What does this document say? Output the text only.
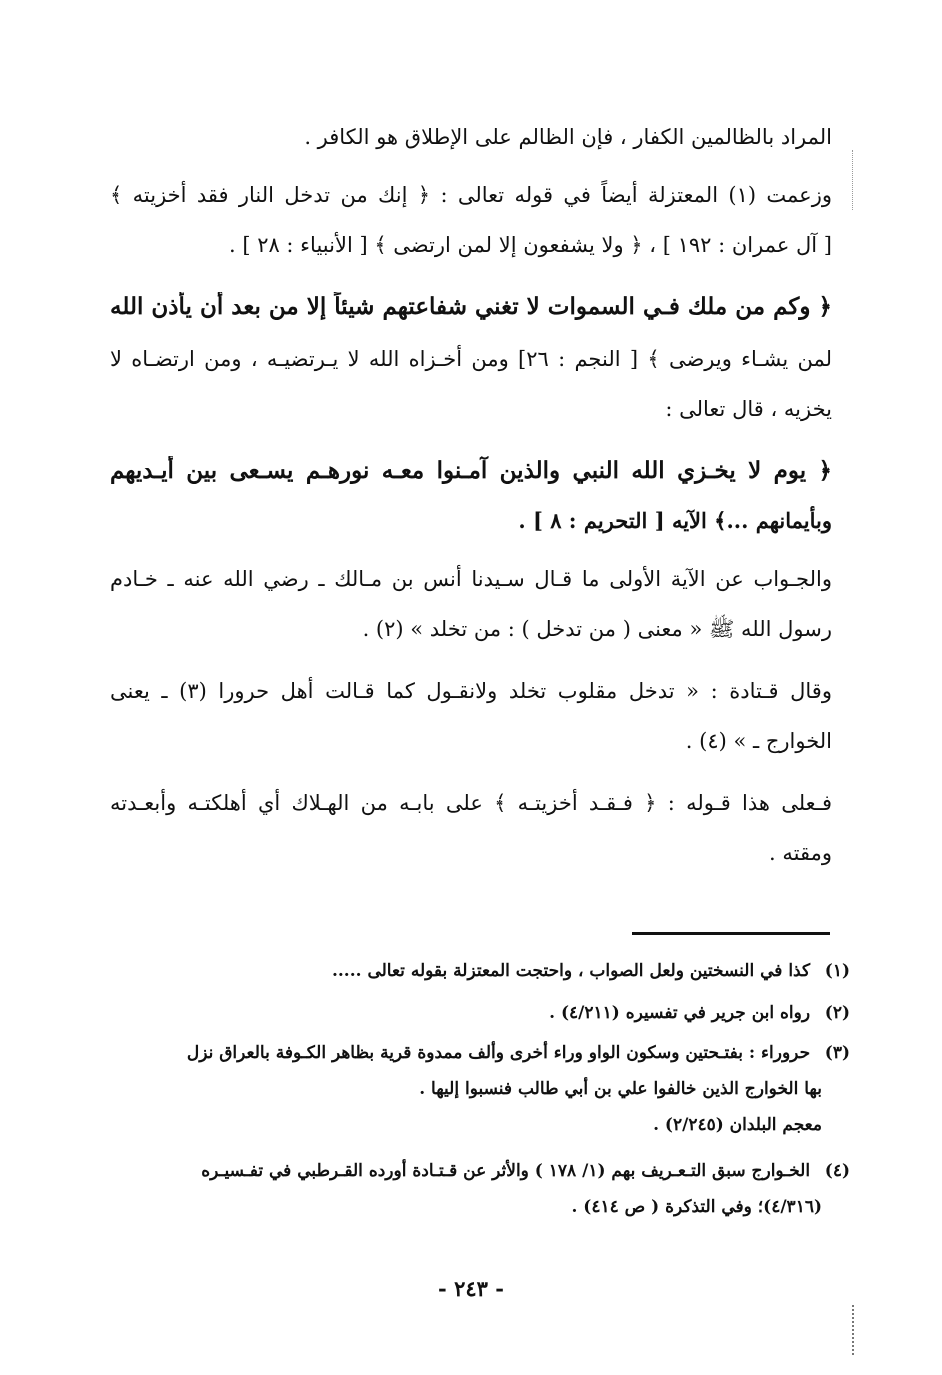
المراد بالظالمين الكفار ، فإن الظالم على الإطلاق هو الكافر .
وزعمت (١) المعتزلة أيضاً في قوله تعالى : ﴿ إنك من تدخل النار فقد أخزيته ﴾
[ آل عمران : ١٩٢ ] ، ﴿ ولا يشفعون إلا لمن ارتضى ﴾ [ الأنبياء : ٢٨ ] .
﴿ وكم من ملك فـي السموات لا تغني شفاعتهم شيئاً إلا من بعد أن يأذن الله
لمن يشـاء ويرضى ﴾ [ النجم : ٢٦] ومن أخـزاه الله لا يـرتضيـه ، ومن ارتضـاه لا
يخزيه ، قال تعالى :
﴿ يوم لا يخـزي الله النبي والذين آمـنوا معـه نورهـم يسـعى بين أيـديهم
وبأيمانهم ...﴾ الآيه [ التحريم : ٨ ] .
والجـواب عن الآية الأولى ما قـال سـيدنا أنس بن مـالك ـ رضي الله عنه ـ خـادم
رسول الله ﷺ « معنى ( من تدخل ) : من تخلد » (٢) .
وقال قـتادة : « تدخل مقلوب تخلد ولانقـول كما قـالت أهل حرورا (٣) ـ يعنى
الخوارج ـ » (٤) .
فـعلى هذا قـوله : ﴿ فـقـد أخزيتـه ﴾ على بابـه من الهـلاك أي أهلكتـه وأبعـدته
ومقته .
(١) كذا في النسختين ولعل الصواب ، واحتجت المعتزلة بقوله تعالى .....
(٢) رواه ابن جرير في تفسيره (٤/٢١١) .
(٣) حروراء : بفتـحتين وسكون الواو وراء أخرى وألف ممدوة قرية بظاهر الكـوفة بالعراق نزل
بها الخوارج الذين خالفوا علي بن أبي طالب فنسبوا إليها .
معجم البلدان (٢/٢٤٥) .
(٤) الخـوارج سبق التـعـريف بهم (١/ ١٧٨ ) والأثر عن قـتـادة أورده القـرطبي في تفـسيـره
(٤/٣١٦)؛ وفي التذكرة ( ص ٤١٤) .
- ٢٤٣ -
